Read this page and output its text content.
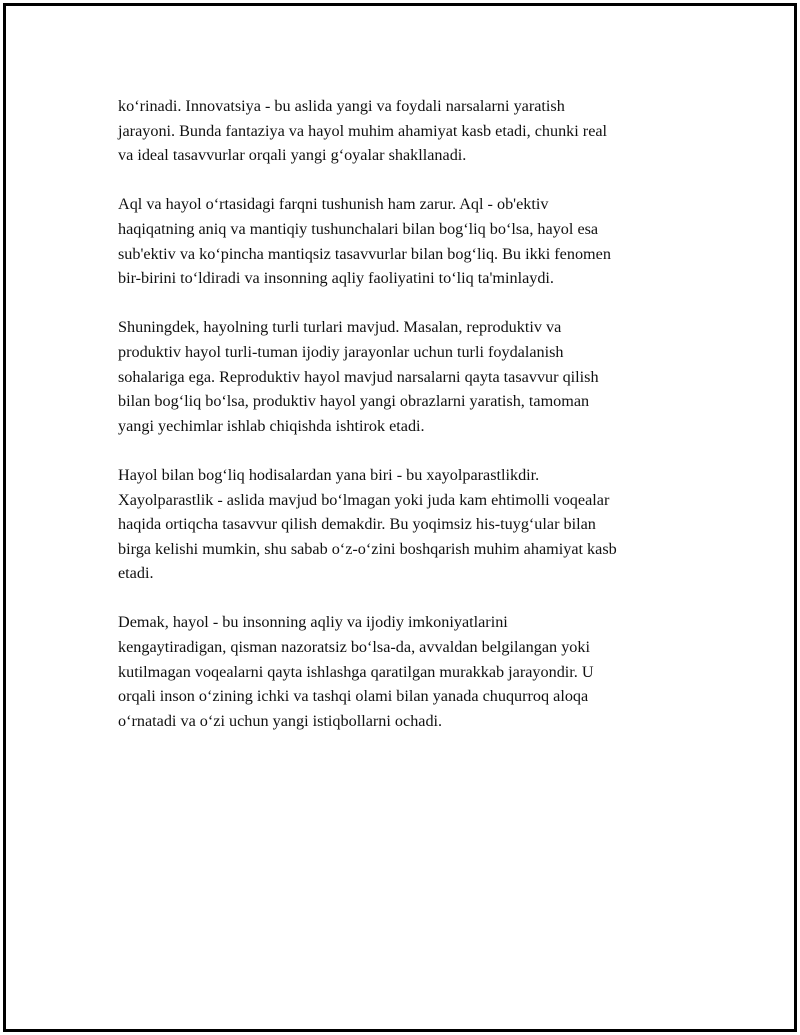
ko‘rinadi. Innovatsiya - bu aslida yangi va foydali narsalarni yaratish
jarayoni. Bunda fantaziya va hayol muhim ahamiyat kasb etadi, chunki real
va ideal tasavvurlar orqali yangi g‘oyalar shakllanadi.

Aql va hayol o‘rtasidagi farqni tushunish ham zarur. Aql - ob'ektiv
haqiqatning aniq va mantiqiy tushunchalari bilan bog‘liq bo‘lsa, hayol esa
sub'ektiv va ko‘pincha mantiqsiz tasavvurlar bilan bog‘liq. Bu ikki fenomen
bir-birini to‘ldiradi va insonning aqliy faoliyatini to‘liq ta'minlaydi.

Shuningdek, hayolning turli turlari mavjud. Masalan, reproduktiv va
produktiv hayol turli-tuman ijodiy jarayonlar uchun turli foydalanish
sohalariga ega. Reproduktiv hayol mavjud narsalarni qayta tasavvur qilish
bilan bog‘liq bo‘lsa, produktiv hayol yangi obrazlarni yaratish, tamoman
yangi yechimlar ishlab chiqishda ishtirok etadi.

Hayol bilan bog‘liq hodisalardan yana biri - bu xayolparastlikdir.
Xayolparastlik - aslida mavjud bo‘lmagan yoki juda kam ehtimolli voqealar
haqida ortiqcha tasavvur qilish demakdir. Bu yoqimsiz his-tuyg‘ular bilan
birga kelishi mumkin, shu sabab o‘z-o‘zini boshqarish muhim ahamiyat kasb
etadi.

Demak, hayol - bu insonning aqliy va ijodiy imkoniyatlarini
kengaytiradigan, qisman nazoratsiz bo‘lsa-da, avvaldan belgilangan yoki
kutilmagan voqealarni qayta ishlashga qaratilgan murakkab jarayondir. U
orqali inson o‘zining ichki va tashqi olami bilan yanada chuqurroq aloqa
o‘rnatadi va o‘zi uchun yangi istiqbollarni ochadi.
